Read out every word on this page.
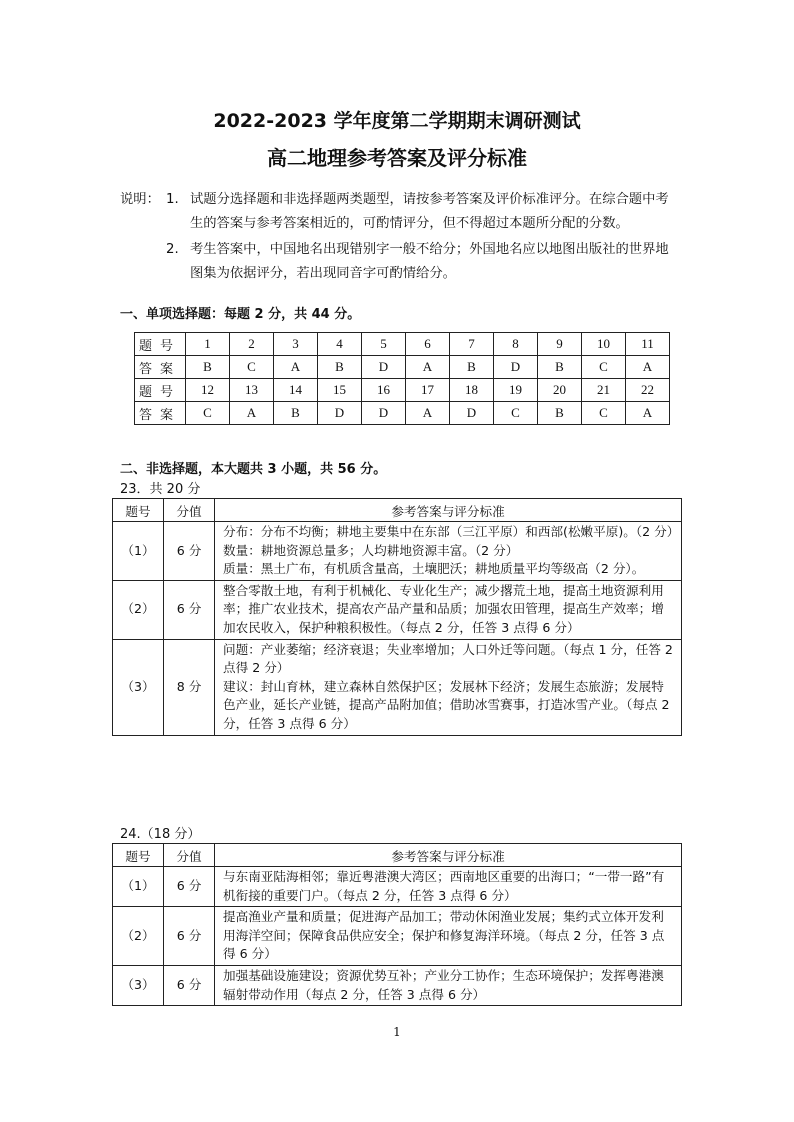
2022-2023 学年度第二学期期末调研测试
高二地理参考答案及评分标准
说明： 1. 试题分选择题和非选择题两类题型，请按参考答案及评价标准评分。在综合题中考生的答案与参考答案相近的，可酌情评分，但不得超过本题所分配的分数。
2. 考生答案中，中国地名出现错别字一般不给分；外国地名应以地图出版社的世界地图集为依据评分，若出现同音字可酌情给分。
一、单项选择题：每题 2 分，共 44 分。
题号	1	2	3	4	5	6	7	8	9	10	11
答案	B	C	A	B	D	A	B	D	B	C	A
题号	12	13	14	15	16	17	18	19	20	21	22
答案	C	A	B	D	D	A	D	C	B	C	A
二、非选择题，本大题共 3 小题，共 56 分。
23．共 20 分
题号	分值	参考答案与评分标准
（1）	6 分	分布：分布不均衡；耕地主要集中在东部（三江平原）和西部(松嫩平原)。（2 分）
数量：耕地资源总量多；人均耕地资源丰富。（2 分）
质量：黑土广布，有机质含量高，土壤肥沃；耕地质量平均等级高（2 分）。

（2）	6 分	整合零散土地，有利于机械化、专业化生产；减少撂荒土地，提高土地资源利用率；推广农业技术，提高农产品产量和品质；加强农田管理，提高生产效率；增加农民收入，保护种粮积极性。（每点 2 分，任答 3 点得 6 分）

（3）	8 分	问题：产业萎缩；经济衰退；失业率增加；人口外迁等问题。（每点 1 分，任答 2 点得 2 分）
建议：封山育林，建立森林自然保护区；发展林下经济；发展生态旅游；发展特色产业，延长产业链，提高产品附加值；借助冰雪赛事，打造冰雪产业。（每点 2 分，任答 3 点得 6 分）
24.（18 分）
题号	分值	参考答案与评分标准
（1）	6 分	与东南亚陆海相邻；靠近粤港澳大湾区；西南地区重要的出海口；“一带一路”有机衔接的重要门户。（每点 2 分，任答 3 点得 6 分）

（2）	6 分	提高渔业产量和质量；促进海产品加工；带动休闲渔业发展；集约式立体开发利用海洋空间；保障食品供应安全；保护和修复海洋环境。（每点 2 分，任答 3 点得 6 分）

（3）	6 分	加强基础设施建设；资源优势互补；产业分工协作；生态环境保护；发挥粤港澳辐射带动作用（每点 2 分，任答 3 点得 6 分）
1
